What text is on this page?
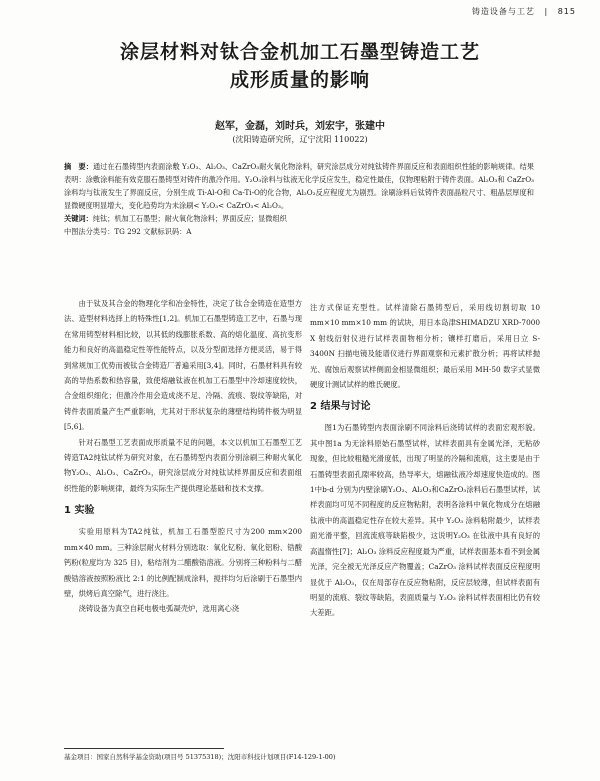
铸造设备与工艺 | 815
涂层材料对钛合金机加工石墨型铸造工艺
成形质量的影响
赵军，金磊，刘时兵，刘宏宇，张建中
(沈阳铸造研究所，辽宁沈阳 110022)

摘　要：通过在石墨铸型内表面涂敷 Y₂O₃、Al₂O₃、CaZrO₃耐火氧化物涂料，研究涂层成分对纯钛铸件界面反应和表面组织性能的影响规律。结果表明：涂敷涂料能有效克服石墨铸型对铸件的激冷作用。Y₂O₃涂料与钛液无化学反应发生，稳定性最佳，仅物理粘附于铸件表面。Al₂O₃和 CaZrO₃涂料均与钛液发生了界面反应，分别生成 Ti-Al-O和 Ca-Ti-O的化合物，Al₂O₃反应程度尤为剧烈。涂刷涂料后钛铸件表面晶粒尺寸、粗晶层厚度和显微硬度明显增大，变化趋势均为未涂刷< Y₂O₃< CaZrO₃< Al₂O₃。

关键词：纯钛；机加工石墨型；耐火氧化物涂料；界面反应；显微组织

中图法分类号：TG 292 文献标识码：A

由于钛及其合金的物理化学和冶金特性，决定了钛合金铸造在造型方法、造型材料选择上的特殊性[1,2]。机加工石墨型铸造工艺中，石墨与现在常用铸型材料相比较，以其低的线膨胀系数、高的熔化温度、高抗变形能力和良好的高温稳定性等性能特点，以及分型面选择方便灵活，易于得到常规加工优势而被钛合金铸造厂普遍采用[3,4]。同时，石墨材料具有较高的导热系数和热容量，致使熔融钛液在机加工石墨型中冷却速度较快，合金组织细化；但激冷作用会造成浇不足、冷隔、流痕、裂纹等缺陷，对铸件表面质量产生严重影响，尤其对于形状复杂的薄壁结构铸件极为明显[5,6]。

针对石墨型工艺表面成形质量不足的问题，本文以机加工石墨型工艺铸造TA2纯钛试样为研究对象，在石墨铸型内表面分别涂刷三种耐火氧化物Y₂O₃、Al₂O₃、CaZrO₃，研究涂层成分对纯钛试样界面反应和表面组织性能的影响规律，最终为实际生产提供理论基础和技术支撑。

1 实验

实验用原料为TA2纯钛，机加工石墨型腔尺寸为200 mm×200 mm×40 mm。三种涂层耐火材料分别选取：氧化钇粉、氧化铝粉、锆酸钙粉(粒度均为 325 目)，粘结剂为二醋酸锆溶液。分别将三种粉料与二醋酸锆溶液按照粉液比 2:1 的比例配制成涂料，搅拌均匀后涂刷于石墨型内壁，烘烤后真空除气，进行浇注。

浇铸设备为真空自耗电极电弧凝壳炉，选用离心浇

注方式保证充型性。试样清除石墨铸型后，采用线切割切取 10 mm×10 mm×10 mm 的试块，用日本岛津SHIMADZU XRD-7000 X 射线衍射仪进行试样表面物相分析；镶样打磨后，采用日立 S-3400N 扫描电镜及能谱仪进行界面观察和元素扩散分析；再将试样抛光、腐蚀后观察试样侧面金相显微组织；最后采用 MH-50 数字式显微硬度计测试试样的维氏硬度。

2 结果与讨论

图1为石墨铸型内表面涂刷不同涂料后浇铸试样的表面宏观形貌。其中图1a 为无涂料原始石墨型试样，试样表面具有金属光泽，无粘砂现象，但比较粗糙光滑度低，出现了明显的冷隔和流痕，这主要是由于石墨铸型表面孔隙率较高，热导率大，熔融钛液冷却速度快造成的。图1中b-d 分别为内壁涂刷Y₂O₃、Al₂O₃和CaZrO₃涂料后石墨型试样，试样表面均可见不同程度的反应物粘附，表明各涂料中氧化物成分在熔融钛液中的高温稳定性存在较大差异。其中 Y₂O₃ 涂料粘附最少，试样表面光滑平整，回流流痕等缺陷极少，这说明Y₂O₃ 在钛液中具有良好的高温惰性[7]；Al₂O₃ 涂料反应程度最为严重，试样表面基本看不到金属光泽，完全被无光泽反应产物覆盖；CaZrO₃ 涂料试样表面反应程度明显优于 Al₂O₃，仅在局部存在反应物粘附，反应层较薄，但试样表面有明显的流痕、裂纹等缺陷，表面质量与 Y₂O₃ 涂料试样表面相比仍有较大差距。

基金项目：国家自然科学基金资助(项目号 51375318)；沈阳市科技计划项目(F14-129-1-00)
